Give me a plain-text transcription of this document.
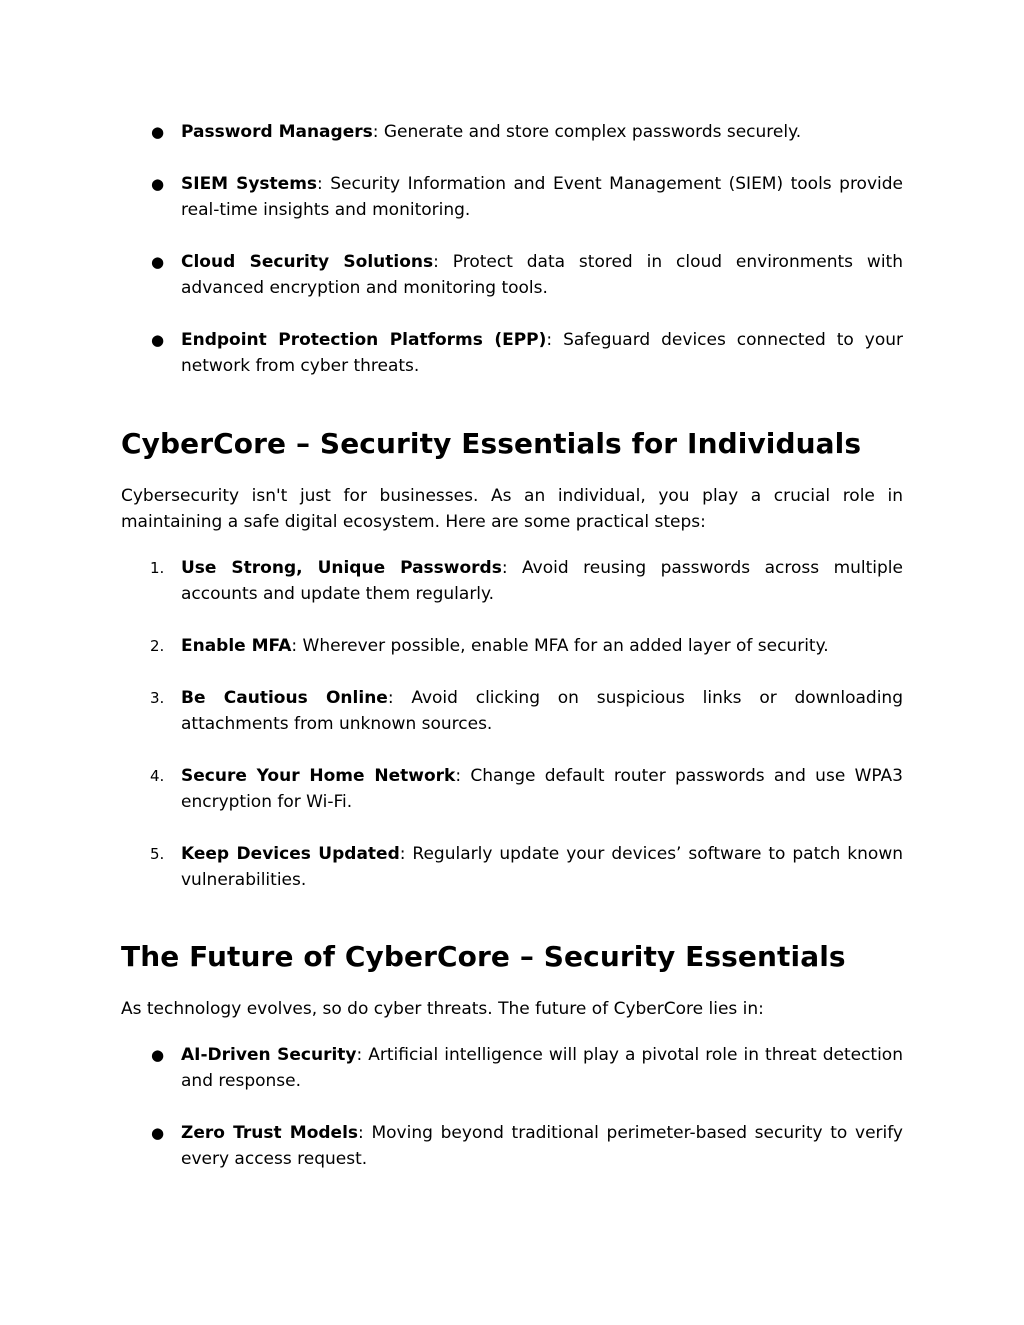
● Password Managers: Generate and store complex passwords securely.
● SIEM Systems: Security Information and Event Management (SIEM) tools provide real-time insights and monitoring.
● Cloud Security Solutions: Protect data stored in cloud environments with advanced encryption and monitoring tools.
● Endpoint Protection Platforms (EPP): Safeguard devices connected to your network from cyber threats.
CyberCore – Security Essentials for Individuals

Cybersecurity isn't just for businesses. As an individual, you play a crucial role in maintaining a safe digital ecosystem. Here are some practical steps:

1. Use Strong, Unique Passwords: Avoid reusing passwords across multiple accounts and update them regularly.
2. Enable MFA: Wherever possible, enable MFA for an added layer of security.
3. Be Cautious Online: Avoid clicking on suspicious links or downloading attachments from unknown sources.
4. Secure Your Home Network: Change default router passwords and use WPA3 encryption for Wi-Fi.
5. Keep Devices Updated: Regularly update your devices’ software to patch known vulnerabilities.
The Future of CyberCore – Security Essentials

As technology evolves, so do cyber threats. The future of CyberCore lies in:

● AI-Driven Security: Artificial intelligence will play a pivotal role in threat detection and response.
● Zero Trust Models: Moving beyond traditional perimeter-based security to verify every access request.
